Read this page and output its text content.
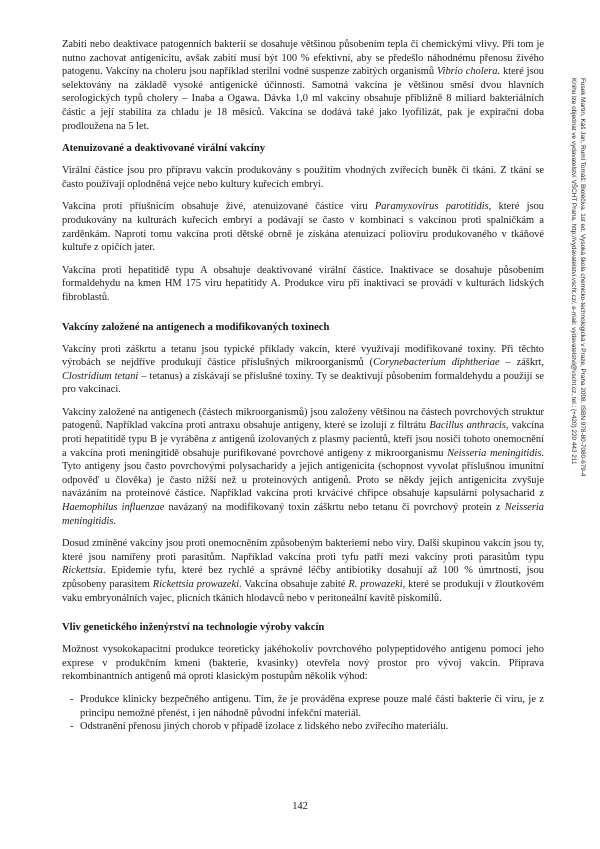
Zabití nebo deaktivace patogenních bakterií se dosahuje většinou působením tepla či chemickými vlivy. Při tom je nutno zachovat antigenicitu, avšak zabití musí být 100 % efektivní, aby se předešlo náhodnému přenosu živého patogenu. Vakcíny na choleru jsou například sterilní vodné suspenze zabitých organismů Vibrio cholera. které jsou selektovány na základě vysoké antigenické účinnosti. Samotná vakcína je většinou směsí dvou hlavních serologických typů cholery – Inaba a Ogawa. Dávka 1,0 ml vakcíny obsahuje přibližně 8 miliard bakteriálních částic a její stabilita za chladu je 18 měsíců. Vakcína se dodává také jako lyofilizát, pak je expirační doba prodloužena na 5 let.

Atenuizované a deaktivované virální vakcíny

Virální částice jsou pro přípravu vakcín produkovány s použitím vhodných zvířecích buněk či tkání. Z tkání se často používají oplodněná vejce nebo kultury kuřecích embryí.

Vakcína proti příušnicím obsahuje živé, atenuizované částice viru Paramyxovirus parotitidis, které jsou produkovány na kulturách kuřecích embryí a podávají se často v kombinaci s vakcínou proti spalničkám a zarděnkám. Naproti tomu vakcína proti dětské obrně je získána atenuizací polioviru produkovaného v tkáňové kultuře z opičích jater.

Vakcína proti hepatitidě typu A obsahuje deaktivované virální částice. Inaktivace se dosahuje působením formaldehydu na kmen HM 175 viru hepatitidy A. Produkce viru při inaktivaci se provádí v kulturách lidských fibroblastů.

Vakcíny založené na antigenech a modifikovaných toxinech

Vakcíny proti záškrtu a tetanu jsou typické příklady vakcín, které využívají modifikované toxiny. Při těchto výrobách se nejdříve produkují částice příslušných mikroorganismů (Corynebacterium diphtheriae – záškrt, Clostridium tetani – tetanus) a získávají se příslušné toxiny. Ty se deaktivují působením formaldehydu a použijí se pro vakcinaci.

Vakcíny založené na antigenech (částech mikroorganismů) jsou založeny většinou na částech povrchových struktur patogenů. Například vakcína proti antraxu obsahuje antigeny, které se izolují z filtrátu Bacillus anthracis, vakcína proti hepatitidě typu B je vyráběna z antigenů izolovaných z plasmy pacientů, kteří jsou nosiči tohoto onemocnění a vakcína proti meningitidě obsahuje purifikované povrchové antigeny z mikroorganismu Neisseria meningitidis. Tyto antigeny jsou často povrchovými polysacharidy a jejich antigenicita (schopnost vyvolat příslušnou imunitní odpověď u člověka) je často nižší než u proteinových antigenů. Proto se někdy jejich antigenicita zvyšuje navázáním na proteinové částice. Například vakcína proti krvácivé chřipce obsahuje kapsulární polysacharid z Haemophilus influenzae navázaný na modifikovaný toxin záškrtu nebo tetanu či povrchový protein z Neisseria meningitidis.

Dosud zmíněné vakcíny jsou proti onemocněním způsobeným bakteriemi nebo viry. Další skupinou vakcín jsou ty, které jsou namířeny proti parasitům. Například vakcína proti tyfu patří mezi vakcíny proti parasitům typu Rickettsia. Epidemie tyfu, které bez rychlé a správné léčby antibiotiky dosahují až 100 % úmrtnosti, jsou způsobeny parasitem Rickettsia prowazeki. Vakcína obsahuje zabité R. prowazeki, které se produkují v žloutkovém vaku embryonálních vajec, plicních tkáních hlodavců nebo v peritoneální kavitě pískomilů.

Vliv genetického inženýrství na technologie výroby vakcín

Možnost vysokokapacitní produkce teoreticky jakéhokoliv povrchového polypeptidového antigenu pomocí jeho exprese v produkčním kmeni (bakterie, kvasinky) otevřela nový prostor pro vývoj vakcín. Příprava rekombinantních antigenů má oproti klasickým postupům několik výhod:

- Produkce klinicky bezpečného antigenu. Tím, že je prováděna exprese pouze malé části bakterie či viru, je z principu nemožné přenést, i jen náhodně původní infekční materiál.
- Odstranění přenosu jiných chorob v případě izolace z lidského nebo zvířecího materiálu.
142
Fusek Martin, Káš Jan, Ruml Tomáš: Bioléčiva. 1st ed. Vysoká škola chemicko-technologická v Praze, Praha 2008. ISBN 978-80-7080-679-4
Knihu lze objednat ve vydavatelství VŠCHT Praha, http://vydavatelstvi.vscht.cz/, e-mail: vydavatelstvi@vscht.cz, tel.: (+420) 220 443 211
